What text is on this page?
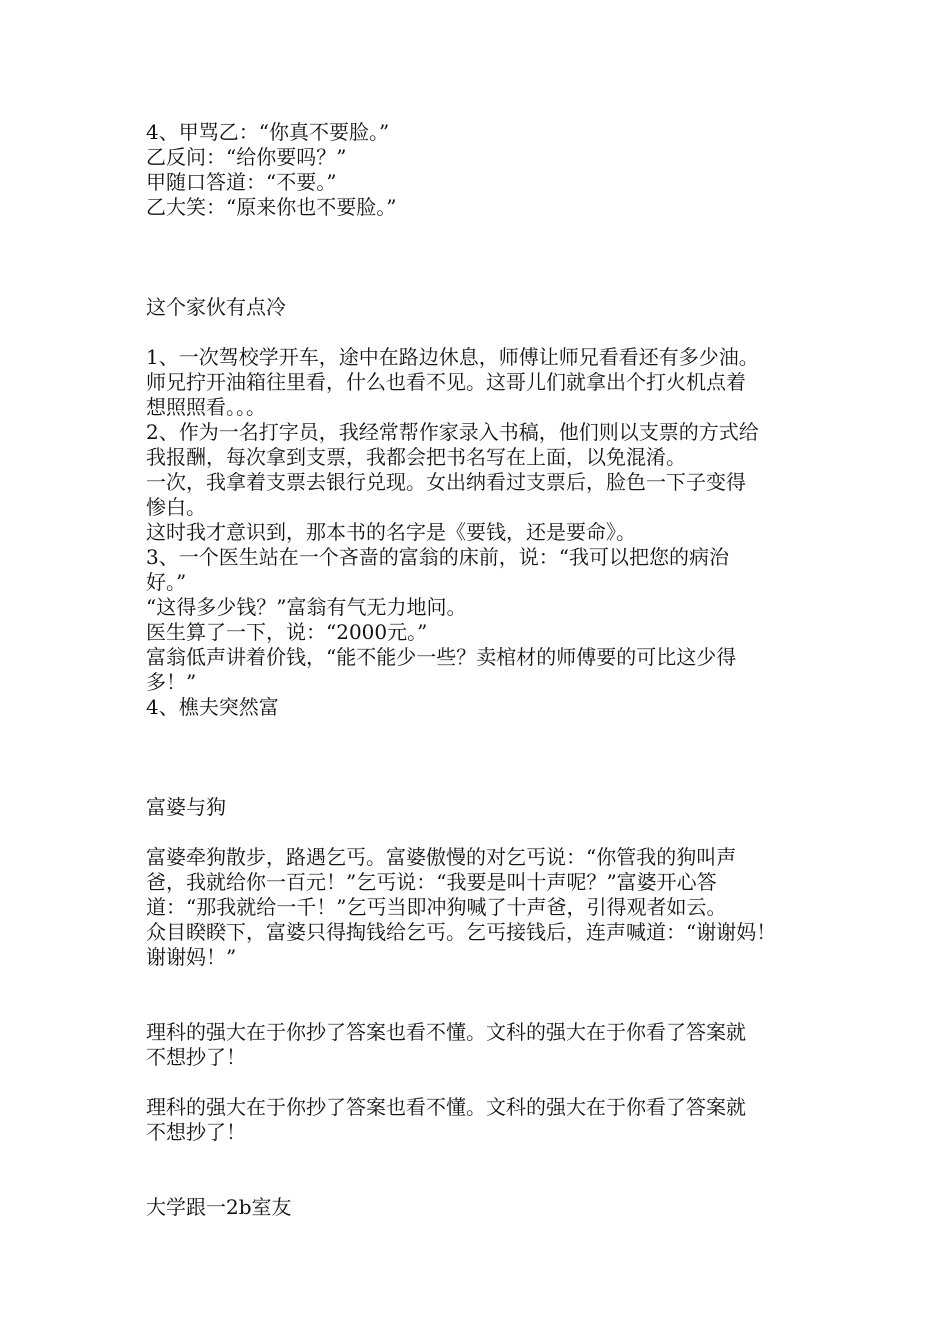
4、甲骂乙：“你真不要脸。”
乙反问：“给你要吗？”
甲随口答道：“不要。”
乙大笑：“原来你也不要脸。”
这个家伙有点冷
1、一次驾校学开车，途中在路边休息，师傅让师兄看看还有多少油。
师兄拧开油箱往里看，什么也看不见。这哥儿们就拿出个打火机点着
想照照看。。。
2、作为一名打字员，我经常帮作家录入书稿，他们则以支票的方式给
我报酬，每次拿到支票，我都会把书名写在上面，以免混淆。
一次，我拿着支票去银行兑现。女出纳看过支票后，脸色一下子变得
惨白。
这时我才意识到，那本书的名字是《要钱，还是要命》。
3、一个医生站在一个吝啬的富翁的床前，说：“我可以把您的病治
好。”
“这得多少钱？”富翁有气无力地问。
医生算了一下，说：“2000元。”
富翁低声讲着价钱，“能不能少一些？卖棺材的师傅要的可比这少得
多！”
4、樵夫突然富
富婆与狗
富婆牵狗散步，路遇乞丐。富婆傲慢的对乞丐说：“你管我的狗叫声
爸，我就给你一百元！”乞丐说：“我要是叫十声呢？”富婆开心答
道：“那我就给一千！”乞丐当即冲狗喊了十声爸，引得观者如云。
众目睽睽下，富婆只得掏钱给乞丐。乞丐接钱后，连声喊道：“谢谢妈！
谢谢妈！”
理科的强大在于你抄了答案也看不懂。文科的强大在于你看了答案就
不想抄了！
理科的强大在于你抄了答案也看不懂。文科的强大在于你看了答案就
不想抄了！
大学跟一2b室友
